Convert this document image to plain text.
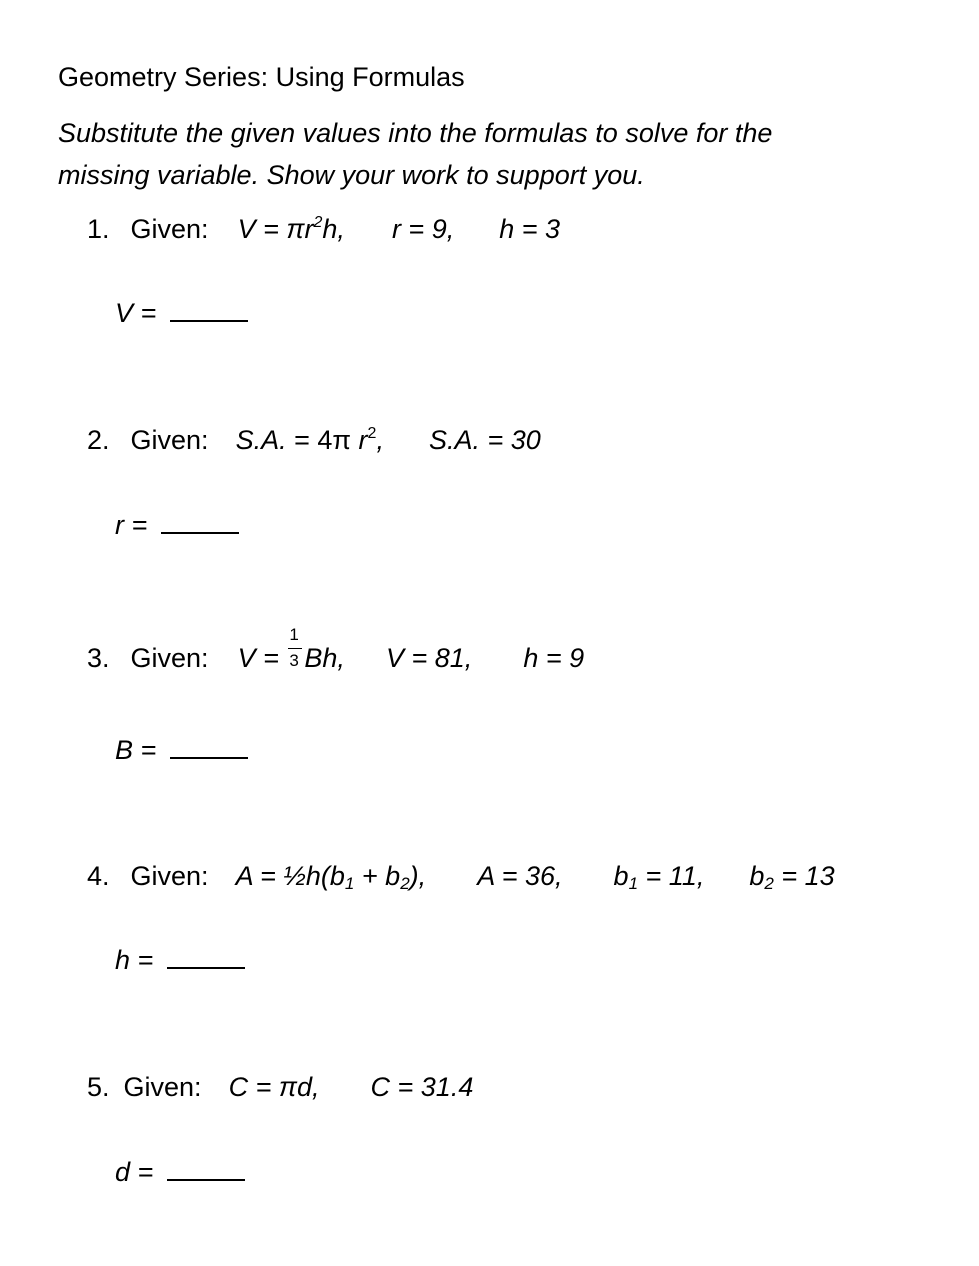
Geometry Series: Using Formulas
Substitute the given values into the formulas to solve for the
missing variable. Show your work to support you.
1. Given: $V = \pi r^2h$, r = 9, h = 3
V =
2. Given: S.A. = 4π $r^2$, S.A. = 30
r =
3. Given: $V = \frac{1}{3} Bh$, V = 81, h = 9
B =
4. Given: $A = \frac{1}{2}h(b_1 + b_2)$, A = 36, $b_1 = 11$, $b_2 = 13$
h =
5. Given: C = πd, C = 31.4
d =
